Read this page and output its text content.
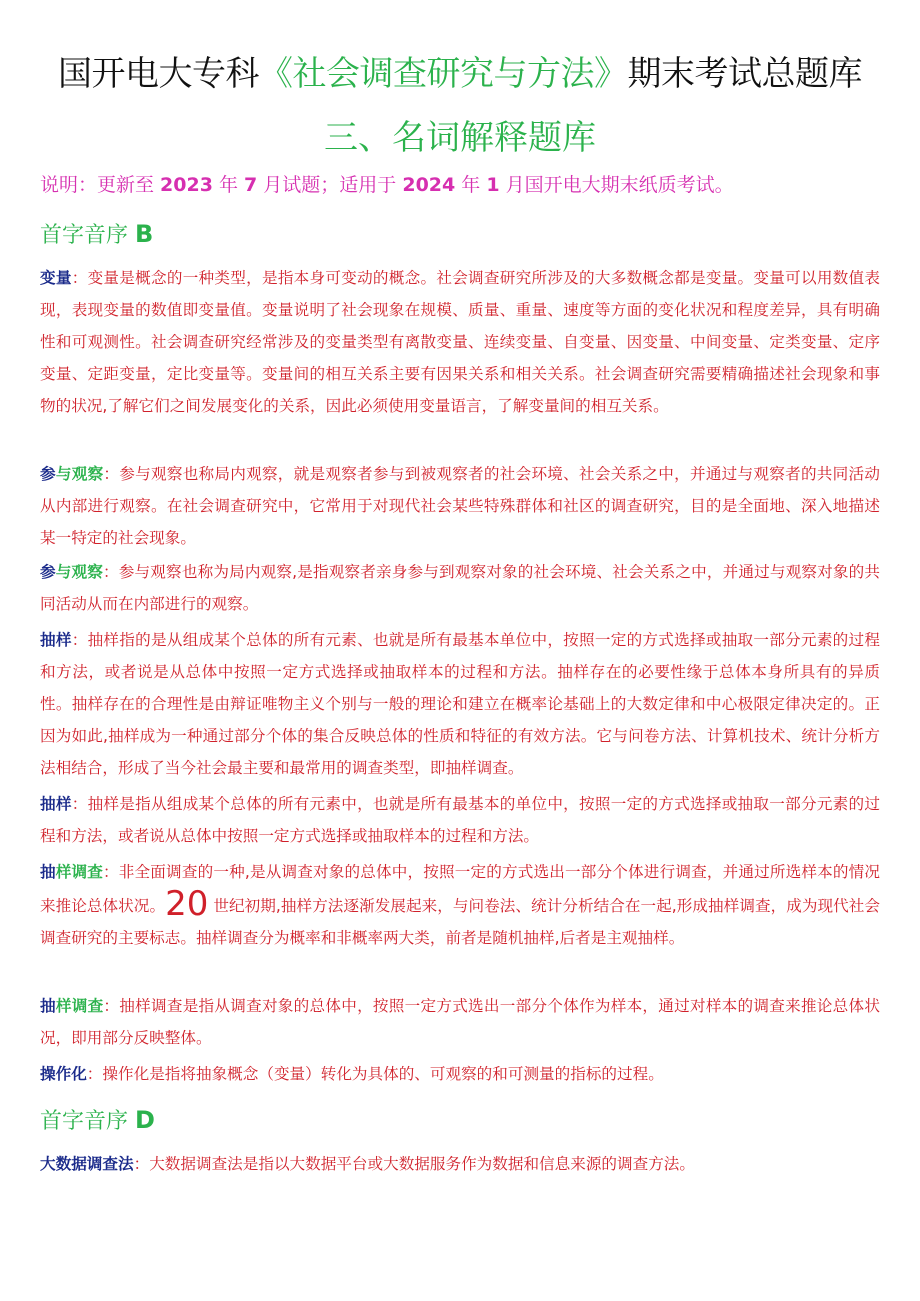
国开电大专科《社会调查研究与方法》期末考试总题库
三、名词解释题库
说明：更新至 2023 年 7 月试题；适用于 2024 年 1 月国开电大期末纸质考试。
首字音序 B
变量：变量是概念的一种类型，是指本身可变动的概念。社会调查研究所涉及的大多数概念都是变量。变量可以用数值表现，表现变量的数值即变量值。变量说明了社会现象在规模、质量、重量、速度等方面的变化状况和程度差异，具有明确性和可观测性。社会调查研究经常涉及的变量类型有离散变量、连续变量、自变量、因变量、中间变量、定类变量、定序变量、定距变量，定比变量等。变量间的相互关系主要有因果关系和相关关系。社会调查研究需要精确描述社会现象和事物的状况,了解它们之间发展变化的关系，因此必须使用变量语言，了解变量间的相互关系。
参与观察：参与观察也称局内观察，就是观察者参与到被观察者的社会环境、社会关系之中，并通过与观察者的共同活动从内部进行观察。在社会调查研究中，它常用于对现代社会某些特殊群体和社区的调查研究，目的是全面地、深入地描述某一特定的社会现象。
参与观察：参与观察也称为局内观察,是指观察者亲身参与到观察对象的社会环境、社会关系之中，并通过与观察对象的共同活动从而在内部进行的观察。
抽样：抽样指的是从组成某个总体的所有元素、也就是所有最基本单位中，按照一定的方式选择或抽取一部分元素的过程和方法，或者说是从总体中按照一定方式选择或抽取样本的过程和方法。抽样存在的必要性缘于总体本身所具有的异质性。抽样存在的合理性是由辩证唯物主义个别与一般的理论和建立在概率论基础上的大数定律和中心极限定律决定的。正因为如此,抽样成为一种通过部分个体的集合反映总体的性质和特征的有效方法。它与问卷方法、计算机技术、统计分析方法相结合，形成了当今社会最主要和最常用的调查类型，即抽样调查。
抽样：抽样是指从组成某个总体的所有元素中，也就是所有最基本的单位中，按照一定的方式选择或抽取一部分元素的过程和方法，或者说从总体中按照一定方式选择或抽取样本的过程和方法。
抽样调查：非全面调查的一种,是从调查对象的总体中，按照一定的方式选出一部分个体进行调查，并通过所选样本的情况来推论总体状况。20 世纪初期,抽样方法逐渐发展起来，与问卷法、统计分析结合在一起,形成抽样调查，成为现代社会调查研究的主要标志。抽样调查分为概率和非概率两大类，前者是随机抽样,后者是主观抽样。
抽样调查：抽样调查是指从调查对象的总体中，按照一定方式选出一部分个体作为样本，通过对样本的调查来推论总体状况，即用部分反映整体。
操作化：操作化是指将抽象概念（变量）转化为具体的、可观察的和可测量的指标的过程。
首字音序 D
大数据调查法：大数据调查法是指以大数据平台或大数据服务作为数据和信息来源的调查方法。
